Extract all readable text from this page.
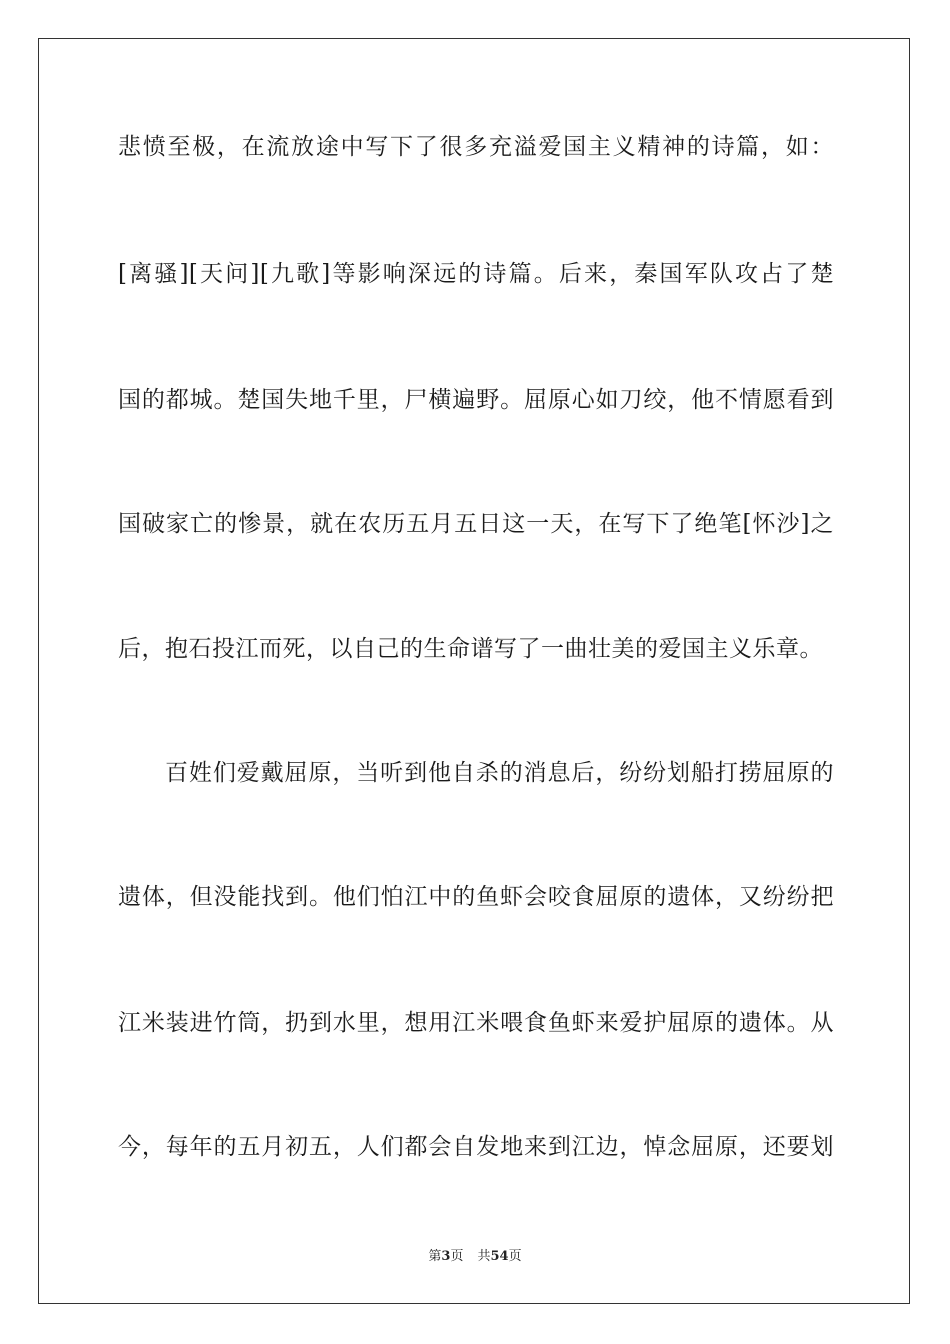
悲愤至极，在流放途中写下了很多充溢爱国主义精神的诗篇，如：
[离骚][天问][九歌]等影响深远的诗篇。后来，秦国军队攻占了楚
国的都城。楚国失地千里，尸横遍野。屈原心如刀绞，他不情愿看到
国破家亡的惨景，就在农历五月五日这一天，在写下了绝笔[怀沙]之
后，抱石投江而死，以自己的生命谱写了一曲壮美的爱国主义乐章。
百姓们爱戴屈原，当听到他自杀的消息后，纷纷划船打捞屈原的
遗体，但没能找到。他们怕江中的鱼虾会咬食屈原的遗体，又纷纷把
江米装进竹筒，扔到水里，想用江米喂食鱼虾来爱护屈原的遗体。从
今，每年的五月初五，人们都会自发地来到江边，悼念屈原，还要划
第3页 共54页
